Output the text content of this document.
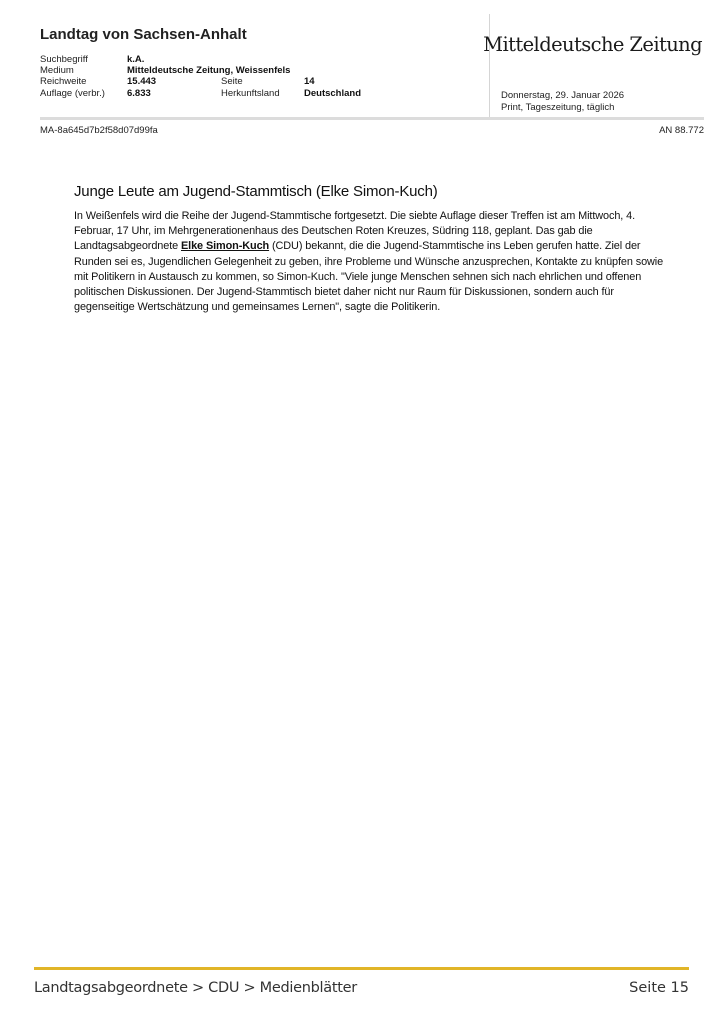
Landtag von Sachsen-Anhalt
Suchbegriff	k.A.
Medium	Mitteldeutsche Zeitung, Weissenfels
Reichweite	15.443	Seite	14
Auflage (verbr.) 6.833	Herkunftsland	Deutschland
Mitteldeutsche Zeitung
Donnerstag, 29. Januar 2026
Print, Tageszeitung, täglich
MA-8a645d7b2f58d07d99fa	AN 88.772
Junge Leute am Jugend-Stammtisch (Elke Simon-Kuch)

In Weißenfels wird die Reihe der Jugend-Stammtische fortgesetzt. Die siebte Auflage dieser Treffen ist am Mittwoch, 4. Februar, 17 Uhr, im Mehrgenerationenhaus des Deutschen Roten Kreuzes, Südring 118, geplant. Das gab die Landtagsabgeordnete Elke Simon-Kuch (CDU) bekannt, die die Jugend-Stammtische ins Leben gerufen hatte. Ziel der Runden sei es, Jugendlichen Gelegenheit zu geben, ihre Probleme und Wünsche anzusprechen, Kontakte zu knüpfen sowie mit Politikern in Austausch zu kommen, so Simon-Kuch. "Viele junge Menschen sehnen sich nach ehrlichen und offenen politischen Diskussionen. Der Jugend-Stammtisch bietet daher nicht nur Raum für Diskussionen, sondern auch für gegenseitige Wertschätzung und gemeinsames Lernen", sagte die Politikerin.

Landtagsabgeordnete > CDU > Medienblätter	Seite 15
